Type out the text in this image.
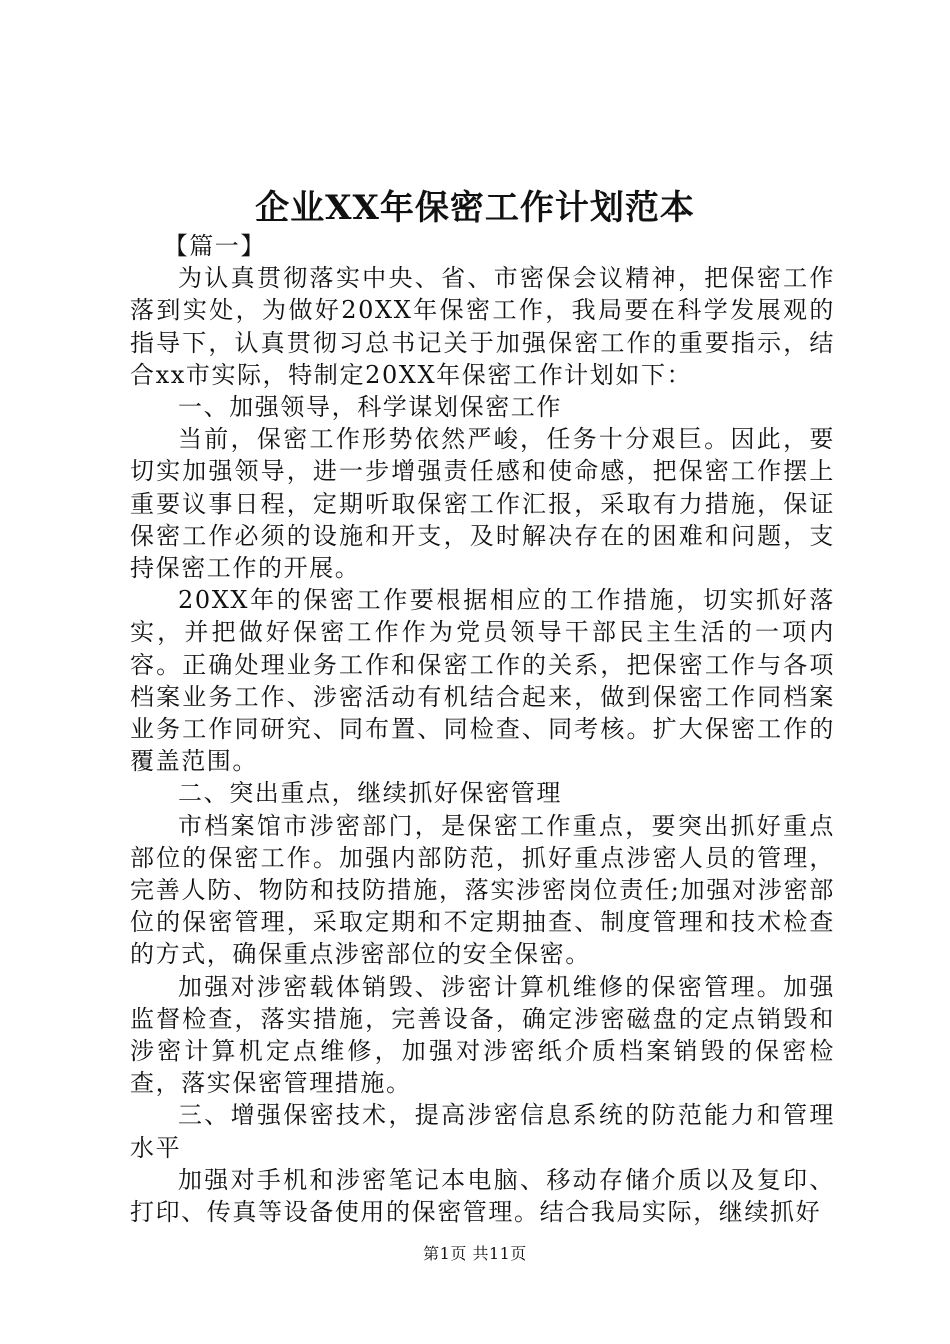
企业XX年保密工作计划范本

【篇一】

为认真贯彻落实中央、省、市密保会议精神，把保密工作落到实处，为做好20XX年保密工作，我局要在科学发展观的指导下，认真贯彻习总书记关于加强保密工作的重要指示，结合xx市实际，特制定20XX年保密工作计划如下：

一、加强领导，科学谋划保密工作

当前，保密工作形势依然严峻，任务十分艰巨。因此，要切实加强领导，进一步增强责任感和使命感，把保密工作摆上重要议事日程，定期听取保密工作汇报，采取有力措施，保证保密工作必须的设施和开支，及时解决存在的困难和问题，支持保密工作的开展。

20XX年的保密工作要根据相应的工作措施，切实抓好落实，并把做好保密工作作为党员领导干部民主生活的一项内容。正确处理业务工作和保密工作的关系，把保密工作与各项档案业务工作、涉密活动有机结合起来，做到保密工作同档案业务工作同研究、同布置、同检查、同考核。扩大保密工作的覆盖范围。

二、突出重点，继续抓好保密管理

市档案馆市涉密部门，是保密工作重点，要突出抓好重点部位的保密工作。加强内部防范，抓好重点涉密人员的管理，完善人防、物防和技防措施，落实涉密岗位责任;加强对涉密部位的保密管理，采取定期和不定期抽查、制度管理和技术检查的方式，确保重点涉密部位的安全保密。

加强对涉密载体销毁、涉密计算机维修的保密管理。加强监督检查，落实措施，完善设备，确定涉密磁盘的定点销毁和涉密计算机定点维修，加强对涉密纸介质档案销毁的保密检查，落实保密管理措施。

三、增强保密技术，提高涉密信息系统的防范能力和管理水平

加强对手机和涉密笔记本电脑、移动存储介质以及复印、打印、传真等设备使用的保密管理。结合我局实际，继续抓好

第1页 共11页
